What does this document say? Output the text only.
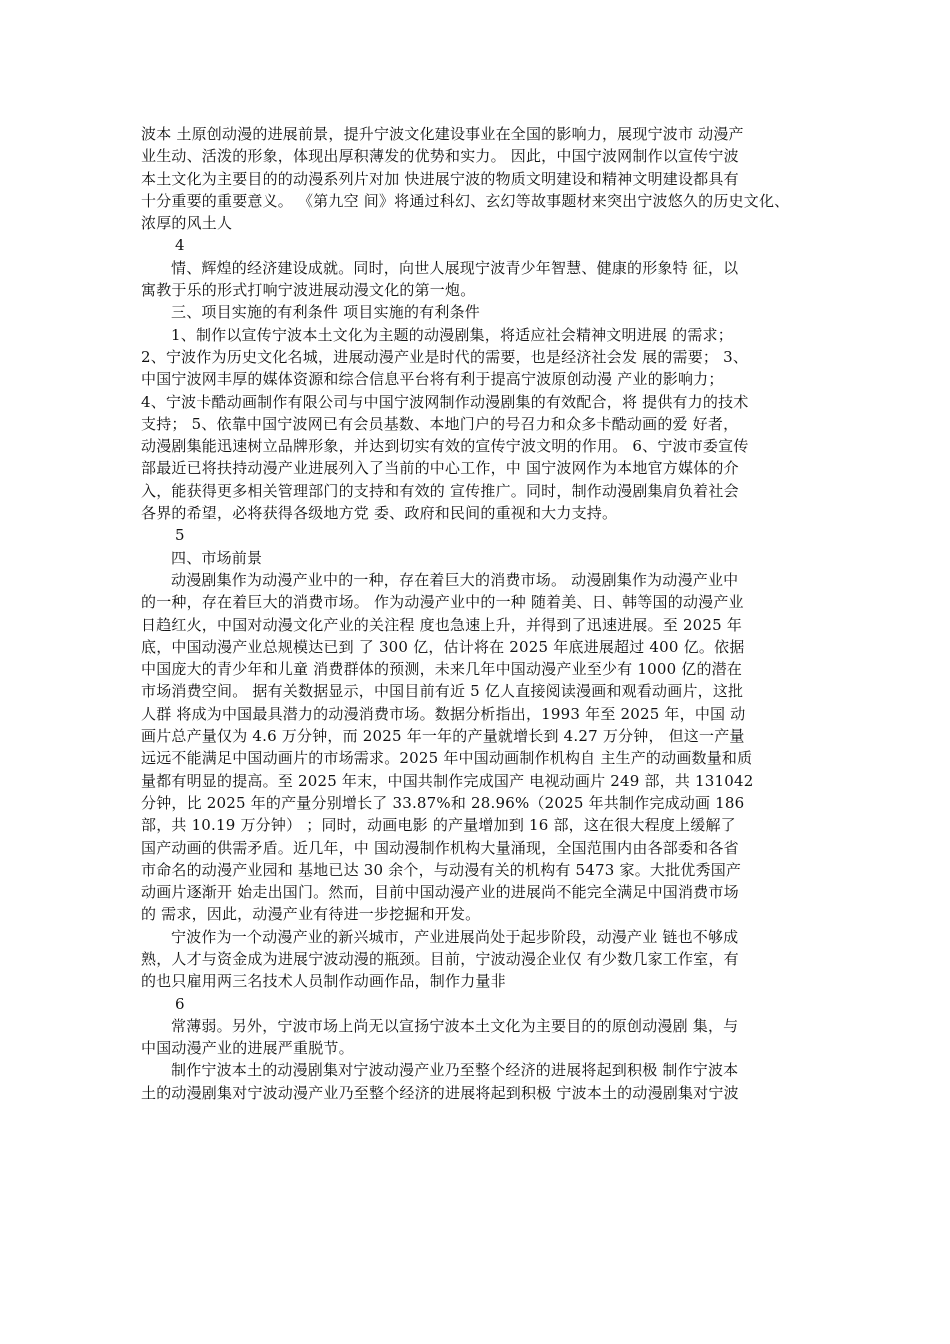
波本 土原创动漫的进展前景，提升宁波文化建设事业在全国的影响力，展现宁波市 动漫产
业生动、活泼的形象，体现出厚积薄发的优势和实力。 因此，中国宁波网制作以宣传宁波
本土文化为主要目的的动漫系列片对加 快进展宁波的物质文明建设和精神文明建设都具有
十分重要的重要意义。 《第九空 间》将通过科幻、玄幻等故事题材来突出宁波悠久的历史文化、
浓厚的风土人
4
情、辉煌的经济建设成就。同时，向世人展现宁波青少年智慧、健康的形象特 征，以
寓教于乐的形式打响宁波进展动漫文化的第一炮。
三、项目实施的有利条件 项目实施的有利条件
1、制作以宣传宁波本土文化为主题的动漫剧集，将适应社会精神文明进展 的需求；
2、宁波作为历史文化名城，进展动漫产业是时代的需要，也是经济社会发 展的需要； 3、
中国宁波网丰厚的媒体资源和综合信息平台将有利于提高宁波原创动漫 产业的影响力；
4、宁波卡酷动画制作有限公司与中国宁波网制作动漫剧集的有效配合，将 提供有力的技术
支持； 5、依靠中国宁波网已有会员基数、本地门户的号召力和众多卡酷动画的爱 好者，
动漫剧集能迅速树立品牌形象，并达到切实有效的宣传宁波文明的作用。 6、宁波市委宣传
部最近已将扶持动漫产业进展列入了当前的中心工作，中 国宁波网作为本地官方媒体的介
入，能获得更多相关管理部门的支持和有效的 宣传推广。同时，制作动漫剧集肩负着社会
各界的希望，必将获得各级地方党 委、政府和民间的重视和大力支持。
5
四、市场前景
动漫剧集作为动漫产业中的一种，存在着巨大的消费市场。 动漫剧集作为动漫产业中
的一种，存在着巨大的消费市场。 作为动漫产业中的一种 随着美、日、韩等国的动漫产业
日趋红火，中国对动漫文化产业的关注程 度也急速上升，并得到了迅速进展。至 2025 年
底，中国动漫产业总规模达已到 了 300 亿，估计将在 2025 年底进展超过 400 亿。依据
中国庞大的青少年和儿童 消费群体的预测，未来几年中国动漫产业至少有 1000 亿的潜在
市场消费空间。 据有关数据显示，中国目前有近 5 亿人直接阅读漫画和观看动画片，这批
人群 将成为中国最具潜力的动漫消费市场。数据分析指出，1993 年至 2025 年，中国 动
画片总产量仅为 4.6 万分钟，而 2025 年一年的产量就增长到 4.27 万分钟， 但这一产量
远远不能满足中国动画片的市场需求。2025 年中国动画制作机构自 主生产的动画数量和质
量都有明显的提高。至 2025 年末，中国共制作完成国产 电视动画片 249 部，共 131042
分钟，比 2025 年的产量分别增长了 33.87%和 28.96%（2025 年共制作完成动画 186
部，共 10.19 万分钟） ；同时，动画电影 的产量增加到 16 部，这在很大程度上缓解了
国产动画的供需矛盾。近几年，中 国动漫制作机构大量涌现，全国范围内由各部委和各省
市命名的动漫产业园和 基地已达 30 余个，与动漫有关的机构有 5473 家。大批优秀国产
动画片逐渐开 始走出国门。然而，目前中国动漫产业的进展尚不能完全满足中国消费市场
的 需求，因此，动漫产业有待进一步挖掘和开发。
宁波作为一个动漫产业的新兴城市，产业进展尚处于起步阶段，动漫产业 链也不够成
熟，人才与资金成为进展宁波动漫的瓶颈。目前，宁波动漫企业仅 有少数几家工作室，有
的也只雇用两三名技术人员制作动画作品，制作力量非
6
常薄弱。另外，宁波市场上尚无以宣扬宁波本土文化为主要目的的原创动漫剧 集，与
中国动漫产业的进展严重脱节。
制作宁波本土的动漫剧集对宁波动漫产业乃至整个经济的进展将起到积极 制作宁波本
土的动漫剧集对宁波动漫产业乃至整个经济的进展将起到积极 宁波本土的动漫剧集对宁波
